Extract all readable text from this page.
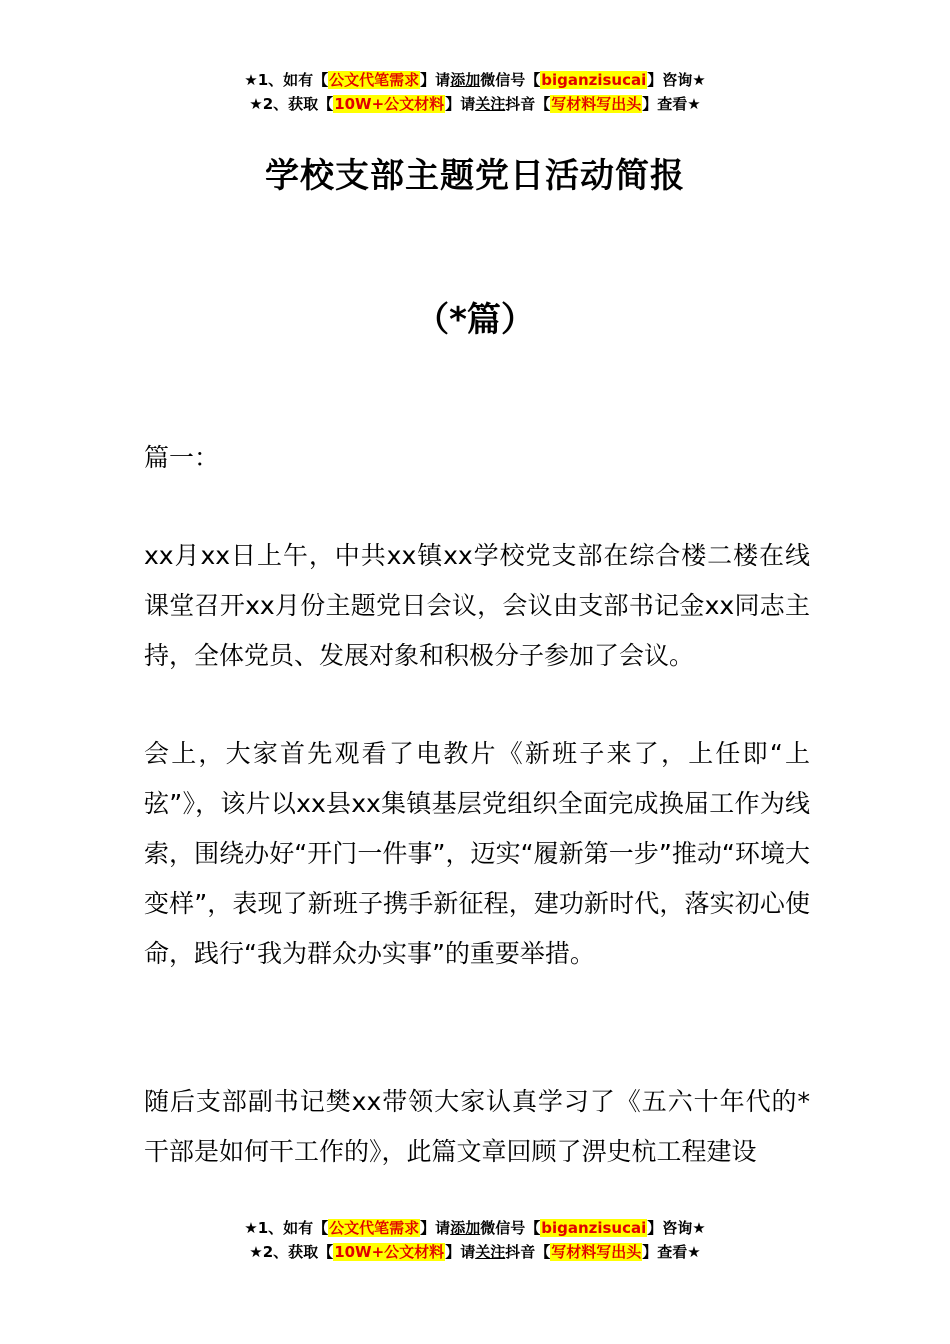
★1、如有【公文代笔需求】请添加微信号【biganzisucai】咨询★
★2、获取【10W+公文材料】请关注抖音【写材料写出头】查看★
学校支部主题党日活动简报
（*篇）

篇一：

xx月xx日上午，中共xx镇xx学校党支部在综合楼二楼在线课堂召开xx月份主题党日会议，会议由支部书记金xx同志主持，全体党员、发展对象和积极分子参加了会议。

会上，大家首先观看了电教片《新班子来了，上任即“上弦”》，该片以xx县xx集镇基层党组织全面完成换届工作为线索，围绕办好“开门一件事”，迈实“履新第一步”推动“环境大变样”，表现了新班子携手新征程，建功新时代，落实初心使命，践行“我为群众办实事”的重要举措。

随后支部副书记樊xx带领大家认真学习了《五六十年代的*干部是如何干工作的》，此篇文章回顾了淠史杭工程建设

★1、如有【公文代笔需求】请添加微信号【biganzisucai】咨询★
★2、获取【10W+公文材料】请关注抖音【写材料写出头】查看★
